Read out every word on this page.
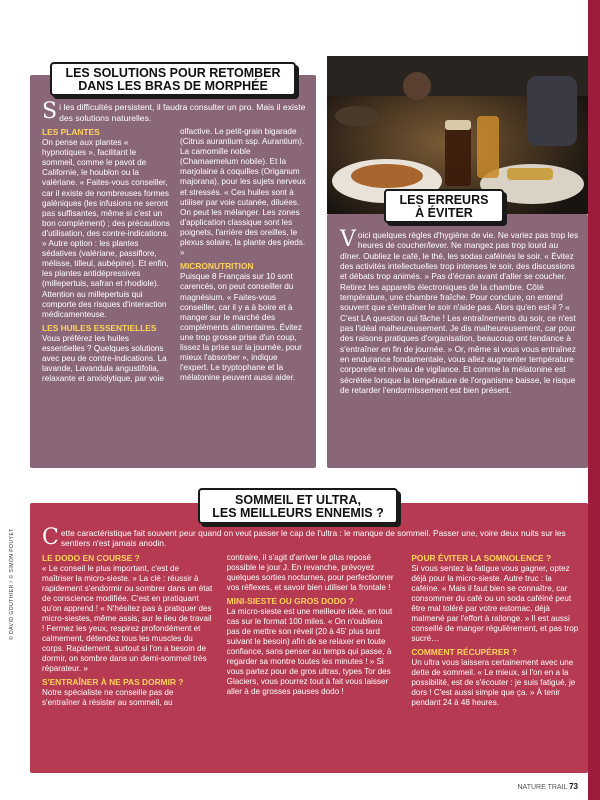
LES SOLUTIONS POUR RETOMBER
DANS LES BRAS DE MORPHÉE
S i les difficultés persistent, il faudra consulter un pro. Mais il existe des solutions naturelles.
LES PLANTES

On pense aux plantes « hypnotiques », facilitant le sommeil, comme le pavot de Californie, le houblon ou la valériane. « Faites-vous conseiller, car il existe de nombreuses formes galéniques (les infusions ne seront pas suffisantes, même si c'est un bon complément) ; des précautions d'utilisation, des contre-indications. » Autre option : les plantes sédatives (valériane, passiflore, mélisse, tilleul, aubépine). Et enfin, les plantes antidépressives (millepertuis, safran et rhodiole). Attention au millepertuis qui comporte des risques d'interaction médicamenteuse.

LES HUILES ESSENTIELLES

Vous préférez les huiles essentielles ? Quelques solutions avec peu de contre-indications. La lavande, Lavandula angustifolia, relaxante et anxiolytique, par voie

olfactive. Le petit-grain bigarade (Citrus aurantium ssp. Aurantium). La camomille noble (Chamaemelum nobile). Et la marjolaine à coquilles (Origanum majorana), pour les sujets nerveux et stressés. « Ces huiles sont à utiliser par voie cutanée, diluées. On peut les mélanger. Les zones d'application classique sont les poignets, l'arrière des oreilles, le plexus solaire, la plante des pieds. »

MICRONUTRITION

Puisque 8 Français sur 10 sont carencés, on peut conseiller du magnésium. « Faites-vous conseiller, car il y a à boire et à manger sur le marché des compléments alimentaires. Évitez une trop grosse prise d'un coup, lissez la prise sur la journée, pour mieux l'absorber », indique l'expert. Le tryptophane et la mélatonine peuvent aussi aider.

LES ERREURS
À ÉVITER
V oici quelques règles d'hygiène de vie. Ne variez pas trop les heures de coucher/lever. Ne mangez pas trop lourd au dîner. Oubliez le café, le thé, les sodas caféinés le soir. « Évitez des activités intellectuelles trop intenses le soir, des discussions et débats trop animés. » Pas d'écran avant d'aller se coucher. Retirez les appareils électroniques de la chambre. Côté température, une chambre fraîche. Pour conclure, on entend souvent que s'entraîner le soir n'aide pas. Alors qu'en est-il ? « C'est LA question qui fâche ! Les entraînements du soir, ce n'est pas l'idéal malheureusement. Je dis malheureusement, car pour des raisons pratiques d'organisation, beaucoup ont tendance à s'entraîner en fin de journée. » Or, même si vous vous entraînez en endurance fondamentale, vous allez augmenter température corporelle et niveau de vigilance. Et comme la mélatonine est sécrétée lorsque la température de l'organisme baisse, le risque de retarder l'endormissement est bien présent.
SOMMEIL ET ULTRA,
LES MEILLEURS ENNEMIS ?
C ette caractéristique fait souvent peur quand on veut passer le cap de l'ultra : le manque de sommeil. Passer une, voire deux nuits sur les sentiers n'est jamais anodin.
LE DODO EN COURSE ?

« Le conseil le plus important, c'est de maîtriser la micro-sieste. » La clé : réussir à rapidement s'endormir ou sombrer dans un état de conscience modifiée. C'est en pratiquant qu'on apprend ! « N'hésitez pas à pratiquer des micro-siestes, même assis, sur le lieu de travail ! Fermez les yeux, respirez profondément et calmement, détendez tous les muscles du corps. Rapidement, surtout si l'on a besoin de dormir, on sombre dans un demi-sommeil très réparateur. »

S'ENTRAÎNER À NE PAS DORMIR ?

Notre spécialiste ne conseille pas de s'entraîner à résister au sommeil, au

contraire, il s'agit d'arriver le plus reposé possible le jour J. En revanche, prévoyez quelques sorties nocturnes, pour perfectionner vos réflexes, et savoir bien utiliser la frontale !

MINI-SIESTE OU GROS DODO ?

La micro-sieste est une meilleure idée, en tout cas sur le format 100 miles. « On n'oubliera pas de mettre son réveil (20 à 45' plus tard suivant le besoin) afin de se relaxer en toute confiance, sans penser au temps qui passe, à regarder sa montre toutes les minutes ! » Si vous partez pour de gros ultras, types Tor des Glaciers, vous pourrez tout à fait vous laisser aller à de grosses pauses dodo !

POUR ÉVITER LA SOMNOLENCE ?

Si vous sentez la fatigue vous gagner, optez déjà pour la micro-sieste. Autre truc : la caféine. « Mais il faut bien se connaître, car consommer du café ou un soda caféiné peut être mal toléré par votre estomac, déjà malmené par l'effort à rallonge. » Il est aussi conseillé de manger régulièrement, et pas trop sucré…

COMMENT RÉCUPÉRER ?

Un ultra vous laissera certainement avec une dette de sommeil. « Le mieux, si l'on en a la possibilité, est de s'écouter : je suis fatigué, je dors ! C'est aussi simple que ça. » À tenir pendant 24 à 48 heures.

© DAVID GOUTHIER / © SIMON POUYET
NATURE TRAIL 73
